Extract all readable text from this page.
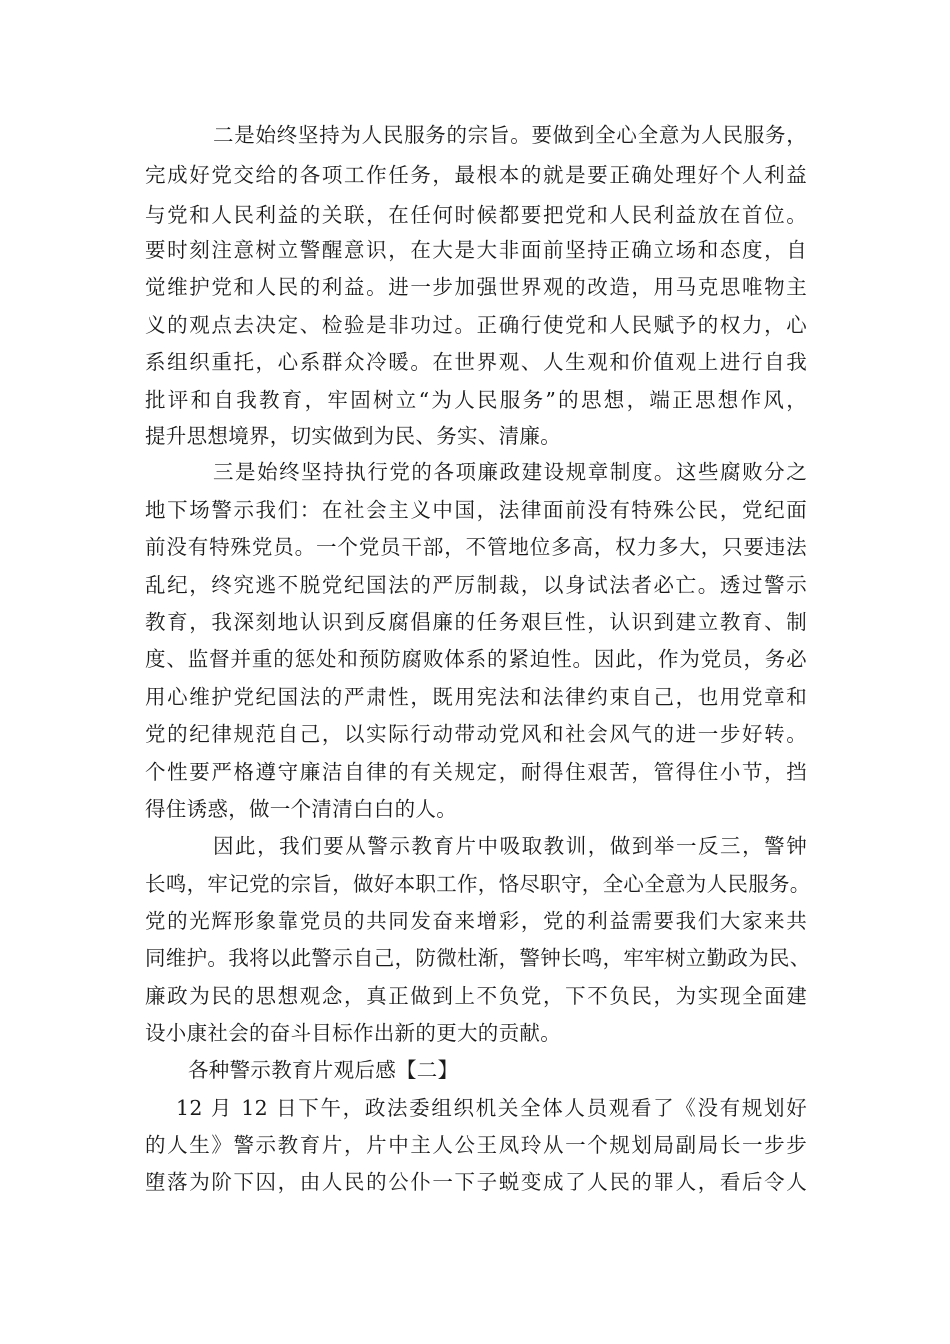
二是始终坚持为人民服务的宗旨。要做到全心全意为人民服务，
完成好党交给的各项工作任务，最根本的就是要正确处理好个人利益
与党和人民利益的关联，在任何时候都要把党和人民利益放在首位。
要时刻注意树立警醒意识，在大是大非面前坚持正确立场和态度，自
觉维护党和人民的利益。进一步加强世界观的改造，用马克思唯物主
义的观点去决定、检验是非功过。正确行使党和人民赋予的权力，心
系组织重托，心系群众冷暖。在世界观、人生观和价值观上进行自我
批评和自我教育，牢固树立“为人民服务”的思想，端正思想作风，
提升思想境界，切实做到为民、务实、清廉。
三是始终坚持执行党的各项廉政建设规章制度。这些腐败分之
地下场警示我们：在社会主义中国，法律面前没有特殊公民，党纪面
前没有特殊党员。一个党员干部，不管地位多高，权力多大，只要违法
乱纪，终究逃不脱党纪国法的严厉制裁，以身试法者必亡。透过警示
教育，我深刻地认识到反腐倡廉的任务艰巨性，认识到建立教育、制
度、监督并重的惩处和预防腐败体系的紧迫性。因此，作为党员，务必
用心维护党纪国法的严肃性，既用宪法和法律约束自己，也用党章和
党的纪律规范自己，以实际行动带动党风和社会风气的进一步好转。
个性要严格遵守廉洁自律的有关规定，耐得住艰苦，管得住小节，挡
得住诱惑，做一个清清白白的人。
因此，我们要从警示教育片中吸取教训，做到举一反三，警钟
长鸣，牢记党的宗旨，做好本职工作，恪尽职守，全心全意为人民服务。
党的光辉形象靠党员的共同发奋来增彩，党的利益需要我们大家来共
同维护。我将以此警示自己，防微杜渐，警钟长鸣，牢牢树立勤政为民、
廉政为民的思想观念，真正做到上不负党，下不负民，为实现全面建
设小康社会的奋斗目标作出新的更大的贡献。
各种警示教育片观后感【二】
12 月 12 日下午，政法委组织机关全体人员观看了《没有规划好
的人生》警示教育片，片中主人公王凤玲从一个规划局副局长一步步
堕落为阶下囚，由人民的公仆一下子蜕变成了人民的罪人，看后令人
